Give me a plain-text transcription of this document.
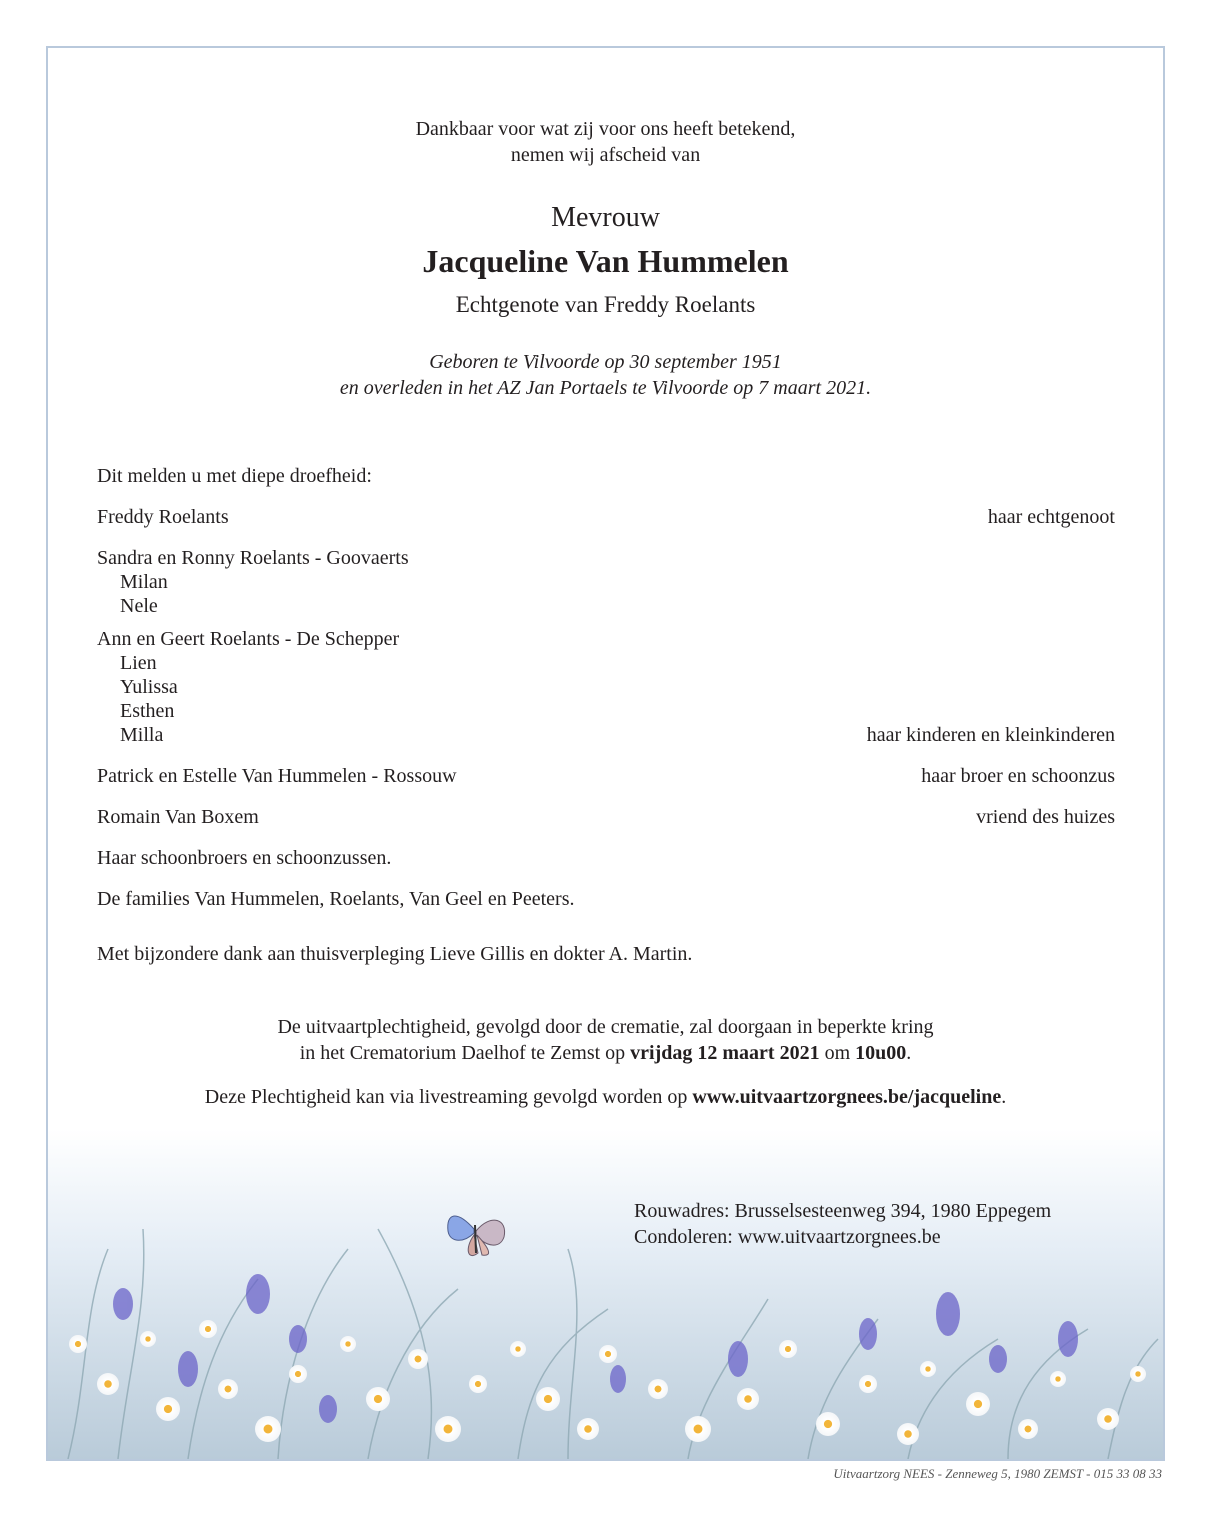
Dankbaar voor wat zij voor ons heeft betekend,
nemen wij afscheid van
Mevrouw
Jacqueline Van Hummelen
Echtgenote van Freddy Roelants
Geboren te Vilvoorde op 30 september 1951
en overleden in het AZ Jan Portaels te Vilvoorde op 7 maart 2021.
Dit melden u met diepe droefheid:
Freddy Roelants	haar echtgenoot
Sandra en Ronny Roelants - Goovaerts
Milan
Nele
Ann en Geert Roelants - De Schepper
Lien
Yulissa
Esthen
Milla	haar kinderen en kleinkinderen
Patrick en Estelle Van Hummelen - Rossouw	haar broer en schoonzus
Romain Van Boxem	vriend des huizes
Haar schoonbroers en schoonzussen.
De families Van Hummelen, Roelants, Van Geel en Peeters.
Met bijzondere dank aan thuisverpleging Lieve Gillis en dokter A. Martin.
De uitvaartplechtigheid, gevolgd door de crematie, zal doorgaan in beperkte kring
in het Crematorium Daelhof te Zemst op vrijdag 12 maart 2021 om 10u00.
Deze Plechtigheid kan via livestreaming gevolgd worden op www.uitvaartzorgnees.be/jacqueline.
Rouwadres: Brusselsesteenweg 394, 1980 Eppegem
Condoleren: www.uitvaartzorgnees.be
Uitvaartzorg NEES - Zenneweg 5, 1980 ZEMST - 015 33 08 33
